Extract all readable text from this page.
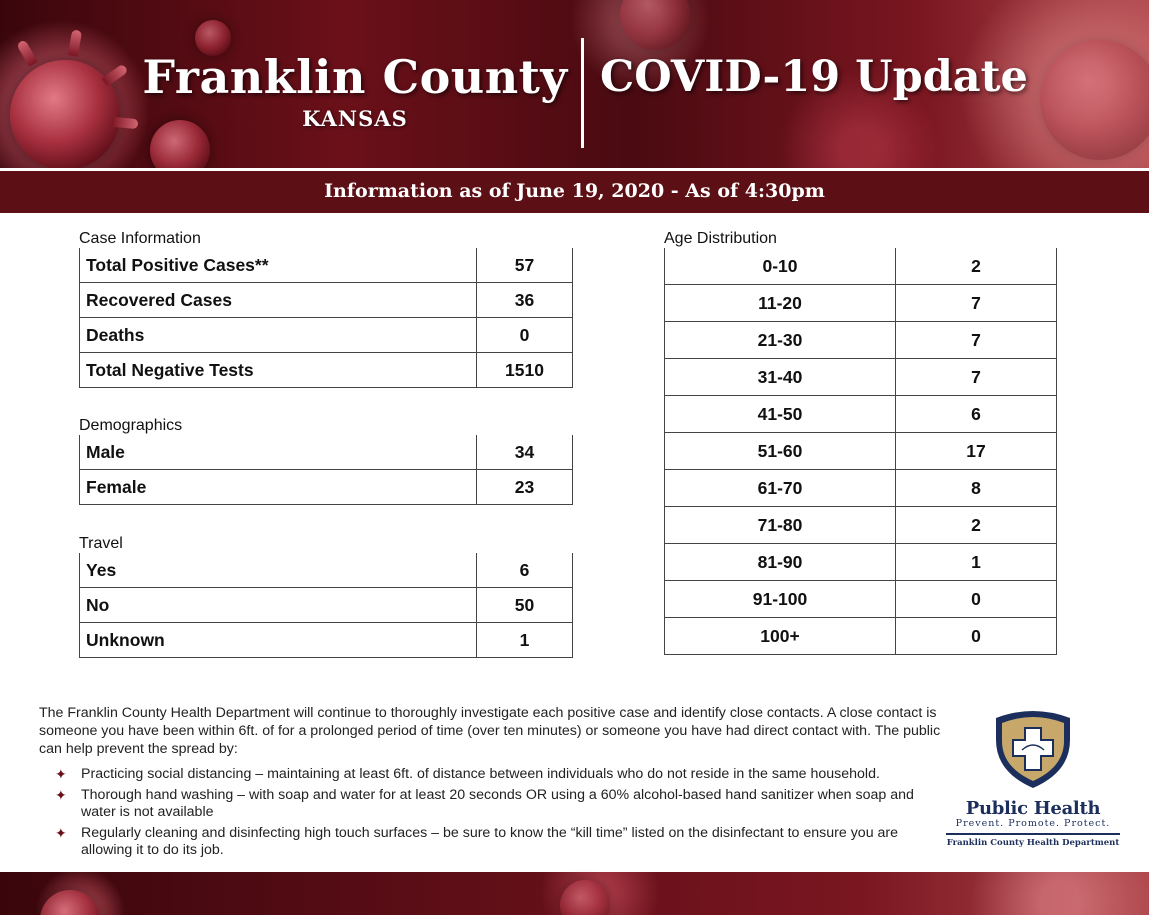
Franklin County
KANSAS
COVID-19 Update
Information as of June 19, 2020 - As of 4:30pm
Case Information
Total Positive Cases**	57
Recovered Cases	36
Deaths	0
Total Negative Tests	1510
Demographics
Male	34
Female	23
Travel
Yes	6
No	50
Unknown	1
Age Distribution
0-10	2
11-20	7
21-30	7
31-40	7
41-50	6
51-60	17
61-70	8
71-80	2
81-90	1
91-100	0
100+	0

The Franklin County Health Department will continue to thoroughly investigate each positive case and identify close contacts. A close contact is someone you have been within 6ft. of for a prolonged period of time (over ten minutes) or someone you have had direct contact with. The public can help prevent the spread by:

✦ Practicing social distancing – maintaining at least 6ft. of distance between individuals who do not reside in the same household.
✦ Thorough hand washing – with soap and water for at least 20 seconds OR using a 60% alcohol-based hand sanitizer when soap and water is not available
✦ Regularly cleaning and disinfecting high touch surfaces – be sure to know the “kill time” listed on the disinfectant to ensure you are allowing it to do its job.
Public Health
Prevent. Promote. Protect.
Franklin County Health Department
